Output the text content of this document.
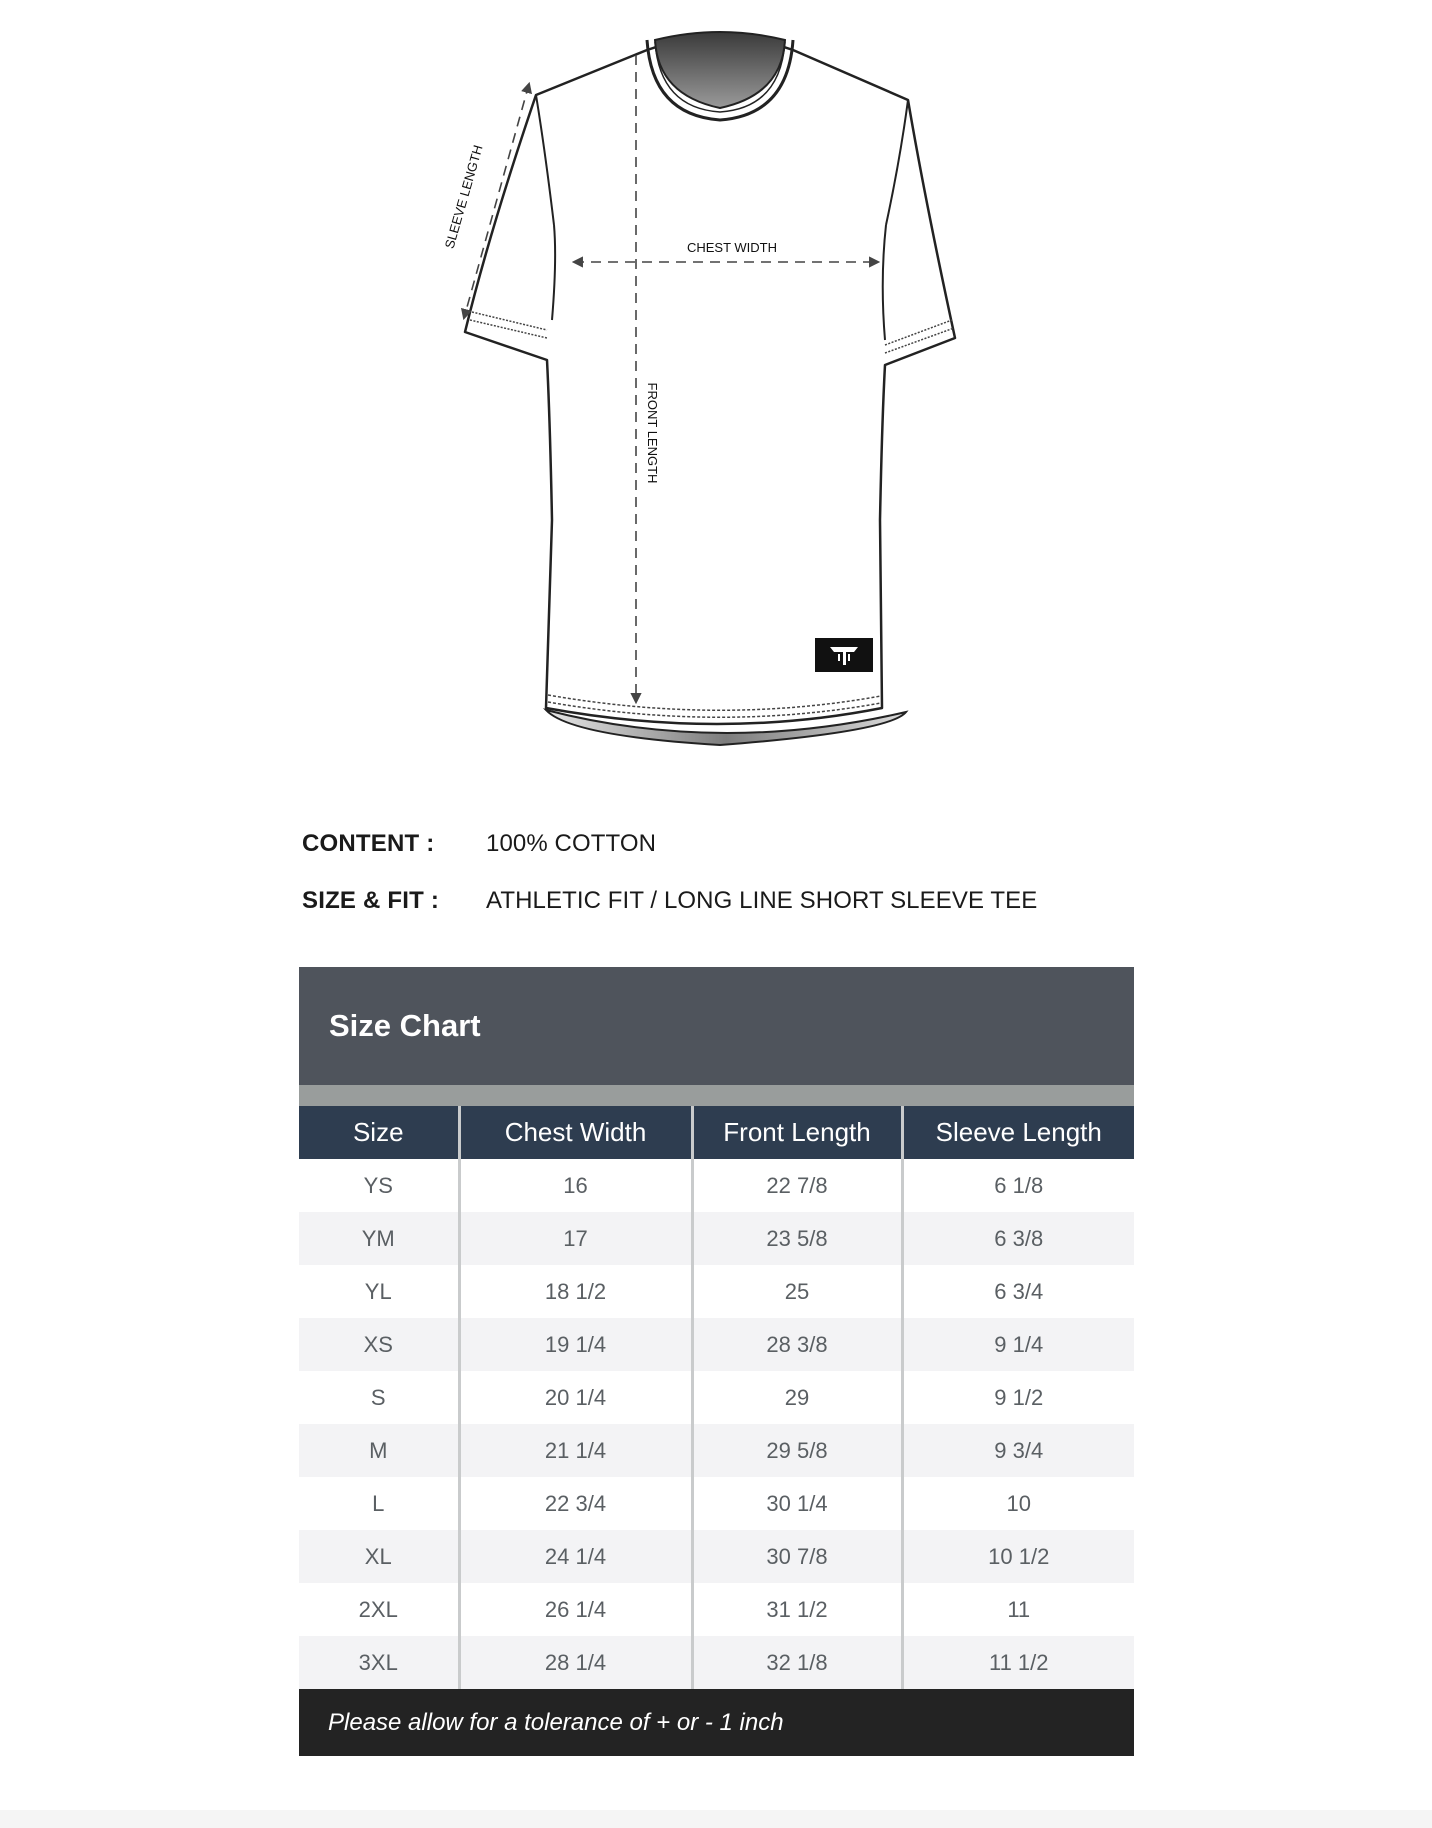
SLEEVE LENGTH	CHEST WIDTH
FRONT LENGTH
CONTENT :	100% COTTON
SIZE & FIT :	ATHLETIC FIT / LONG LINE SHORT SLEEVE TEE
Size Chart
Size	Chest Width	Front Length	Sleeve Length
YS	16	22 7/8	6 1/8
YM	17	23 5/8	6 3/8
YL	18 1/2	25	6 3/4
XS	19 1/4	28 3/8	9 1/4
S	20 1/4	29	9 1/2
M	21 1/4	29 5/8	9 3/4
L	22 3/4	30 1/4	10
XL	24 1/4	30 7/8	10 1/2
2XL	26 1/4	31 1/2	11
3XL	28 1/4	32 1/8	11 1/2
Please allow for a tolerance of + or - 1 inch
